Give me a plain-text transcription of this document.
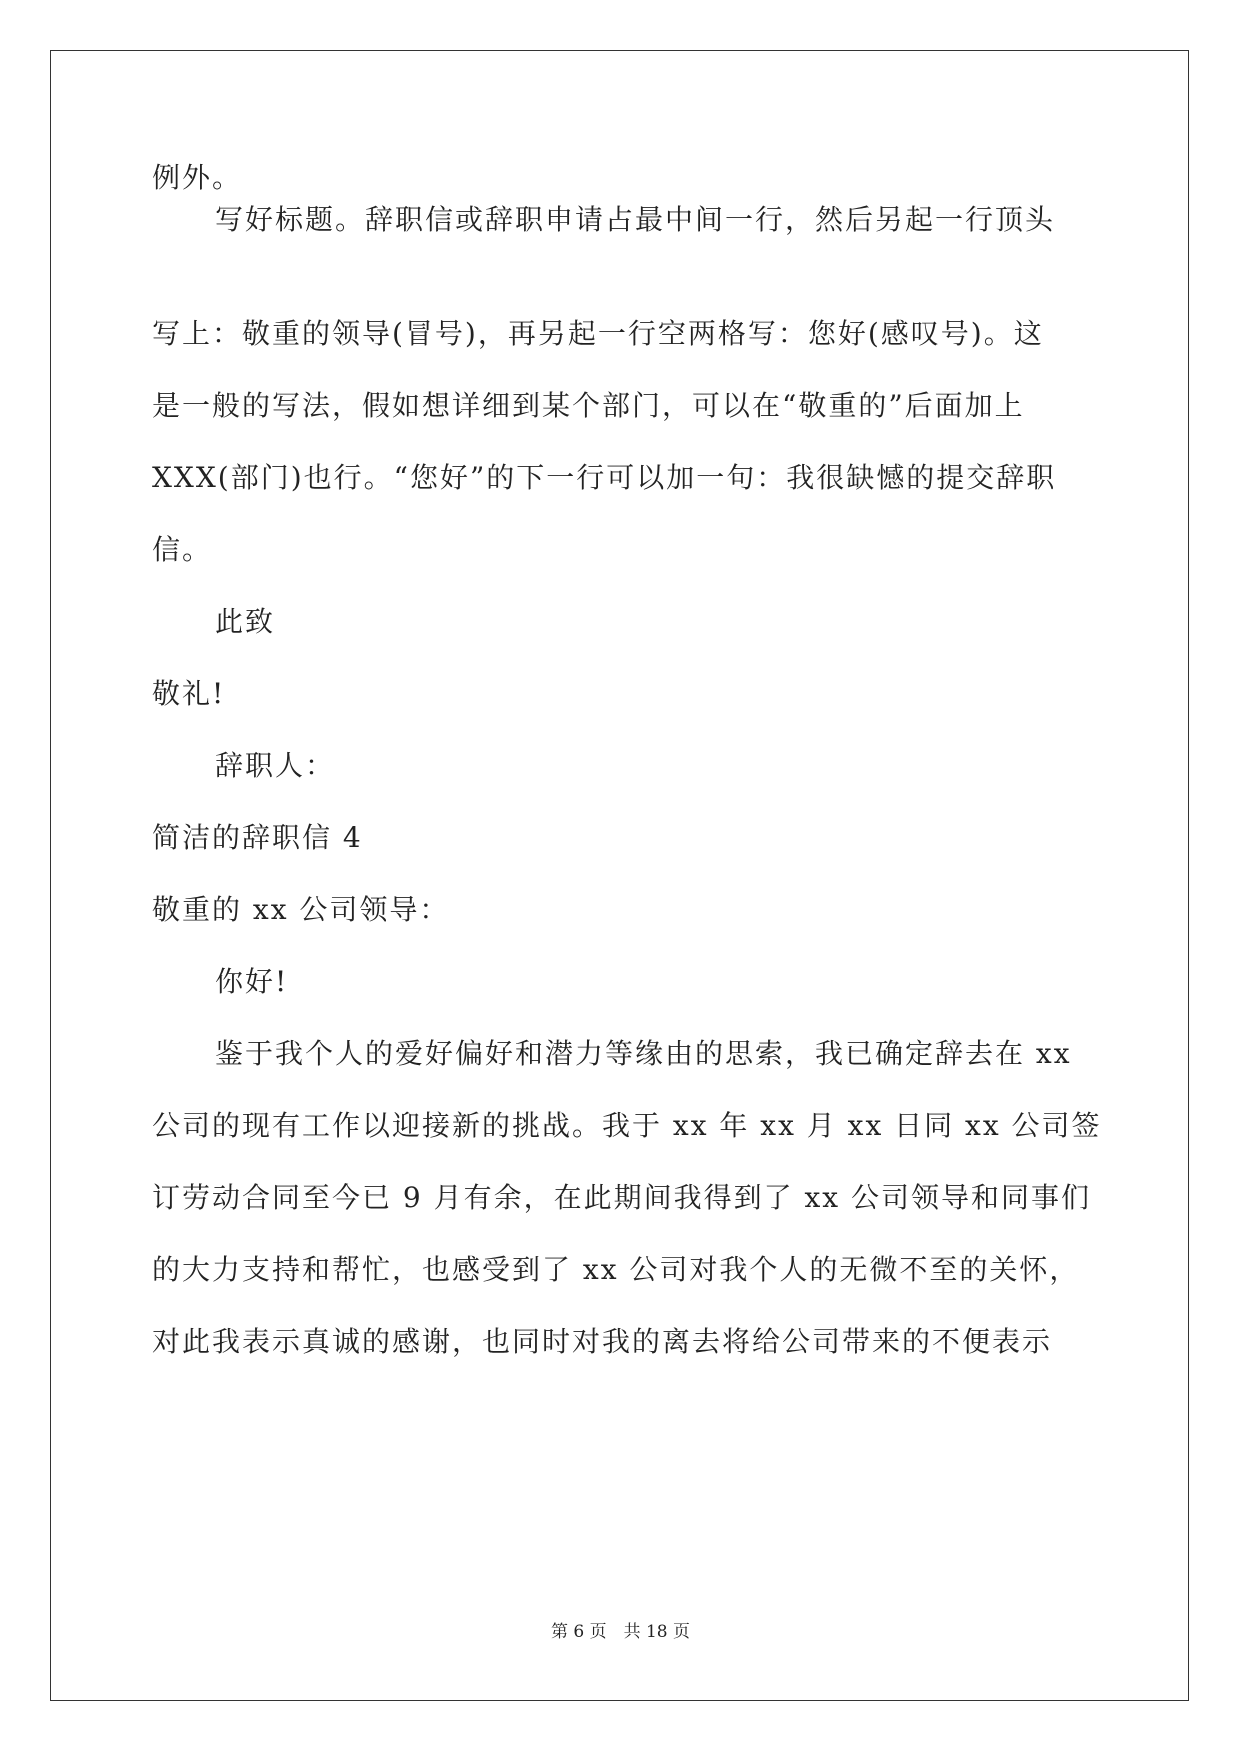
例外。
写好标题。辞职信或辞职申请占最中间一行，然后另起一行顶头
写上：敬重的领导(冒号)，再另起一行空两格写：您好(感叹号)。这
是一般的写法，假如想详细到某个部门，可以在“敬重的”后面加上
XXX(部门)也行。“您好”的下一行可以加一句：我很缺憾的提交辞职
信。
此致
敬礼!
辞职人：
简洁的辞职信 4
敬重的 xx 公司领导：
你好!
鉴于我个人的爱好偏好和潜力等缘由的思索，我已确定辞去在 xx
公司的现有工作以迎接新的挑战。我于 xx 年 xx 月 xx 日同 xx 公司签
订劳动合同至今已 9 月有余，在此期间我得到了 xx 公司领导和同事们
的大力支持和帮忙，也感受到了 xx 公司对我个人的无微不至的关怀，
对此我表示真诚的感谢，也同时对我的离去将给公司带来的不便表示
第 6 页　共 18 页
